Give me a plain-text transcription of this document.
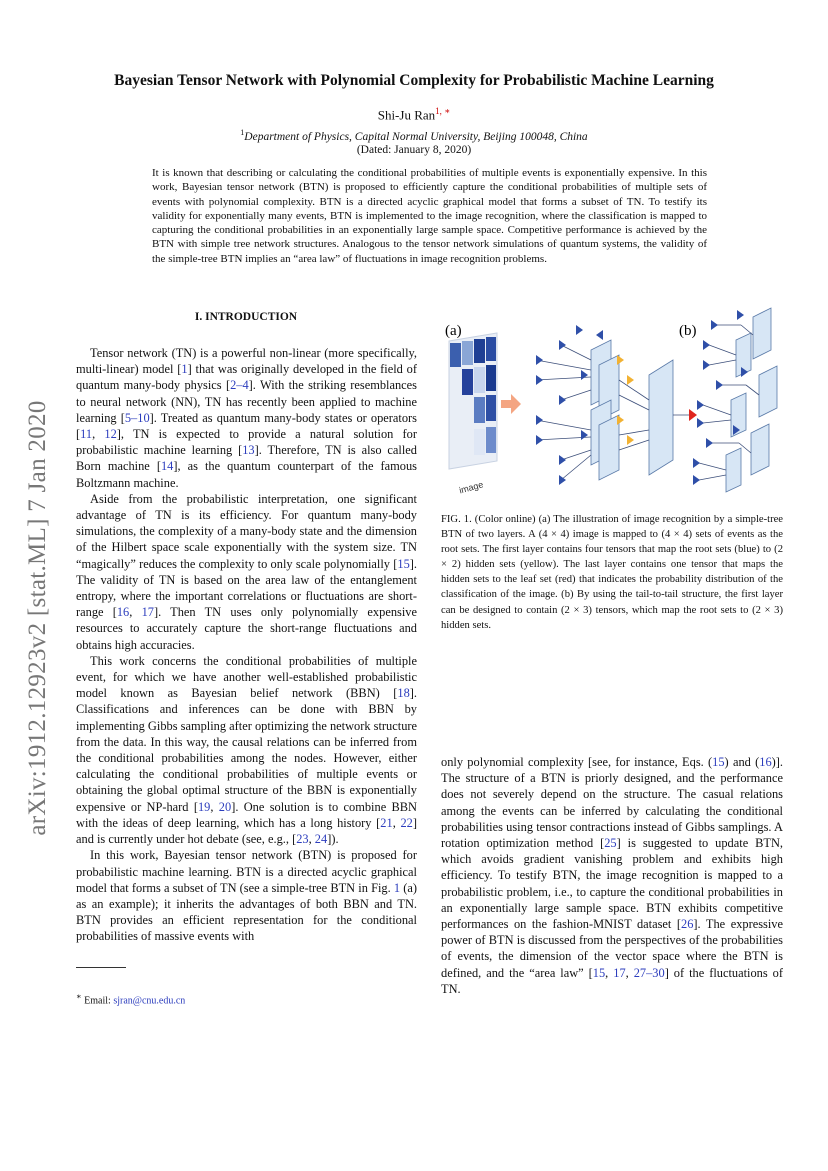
Bayesian Tensor Network with Polynomial Complexity for Probabilistic Machine Learning
Shi-Ju Ran$^{1, ∗}$
$^1$Department of Physics, Capital Normal University, Beijing 100048, China
(Dated: January 8, 2020)
It is known that describing or calculating the conditional probabilities of multiple events is exponentially expensive. In this work, Bayesian tensor network (BTN) is proposed to efficiently capture the conditional probabilities of multiple sets of events with polynomial complexity. BTN is a directed acyclic graphical model that forms a subset of TN. To testify its validity for exponentially many events, BTN is implemented to the image recognition, where the classification is mapped to capturing the conditional probabilities in an exponentially large sample space. Competitive performance is achieved by the BTN with simple tree network structures. Analogous to the tensor network simulations of quantum systems, the validity of the simple-tree BTN implies an “area law” of fluctuations in image recognition problems.
arXiv:1912.12923v2 [stat.ML] 7 Jan 2020
I. INTRODUCTION

Tensor network (TN) is a powerful non-linear (more specifically, multi-linear) model [1] that was originally developed in the field of quantum many-body physics [2–4]. With the striking resemblances to neural network (NN), TN has recently been applied to machine learning [5–10]. Treated as quantum many-body states or operators [11, 12], TN is expected to provide a natural solution for probabilistic machine learning [13]. Therefore, TN is also called Born machine [14], as the quantum counterpart of the famous Boltzmann machine.

Aside from the probabilistic interpretation, one significant advantage of TN is its efficiency. For quantum many-body simulations, the complexity of a many-body state and the dimension of the Hilbert space scale exponentially with the system size. TN “magically” reduces the complexity to only scale polynomially [15]. The validity of TN is based on the area law of the entanglement entropy, where the important correlations or fluctuations are short-range [16, 17]. Then TN uses only polynomially expensive resources to accurately capture the short-range fluctuations and obtains high accuracies.

This work concerns the conditional probabilities of multiple event, for which we have another well-established probabilistic model known as Bayesian belief network (BBN) [18]. Classifications and inferences can be done with BBN by implementing Gibbs sampling after optimizing the network structure from the data. In this way, the causal relations can be inferred from the conditional probabilities among the nodes. However, either calculating the conditional probabilities of multiple events or obtaining the global optimal structure of the BBN is exponentially expensive or NP-hard [19, 20]. One solution is to combine BBN with the ideas of deep learning, which has a long history [21, 22] and is currently under hot debate (see, e.g., [23, 24]).

In this work, Bayesian tensor network (BTN) is proposed for probabilistic machine learning. BTN is a directed acyclic graphical model that forms a subset of TN (see a simple-tree BTN in Fig. 1 (a) as an example); it inherits the advantages of both BBN and TN. BTN provides an efficient representation for the conditional probabilities of massive events with

(a)	(b)
image
FIG. 1. (Color online) (a) The illustration of image recognition by a simple-tree BTN of two layers. A (4 × 4) image is mapped to (4 × 4) sets of events as the root sets. The first layer contains four tensors that map the root sets (blue) to (2 × 2) hidden sets (yellow). The last layer contains one tensor that maps the hidden sets to the leaf set (red) that indicates the probability distribution of the classification of the image. (b) By using the tail-to-tail structure, the first layer can be designed to contain (2 × 3) tensors, which map the root sets to (2 × 3) hidden sets.

only polynomial complexity [see, for instance, Eqs. (15) and (16)]. The structure of a BTN is priorly designed, and the performance does not severely depend on the structure. The casual relations among the events can be inferred by calculating the conditional probabilities using tensor contractions instead of Gibbs samplings. A rotation optimization method [25] is suggested to update BTN, which avoids gradient vanishing problem and exhibits high efficiency. To testify BTN, the image recognition is mapped to a probabilistic problem, i.e., to capture the conditional probabilities in an exponentially large sample space. BTN exhibits competitive performances on the fashion-MNIST dataset [26]. The expressive power of BTN is discussed from the perspectives of the probabilities of events, the dimension of the vector space where the BTN is defined, and the “area law” [15, 17, 27–30] of the fluctuations of TN.

∗ Email: sjran@cnu.edu.cn
